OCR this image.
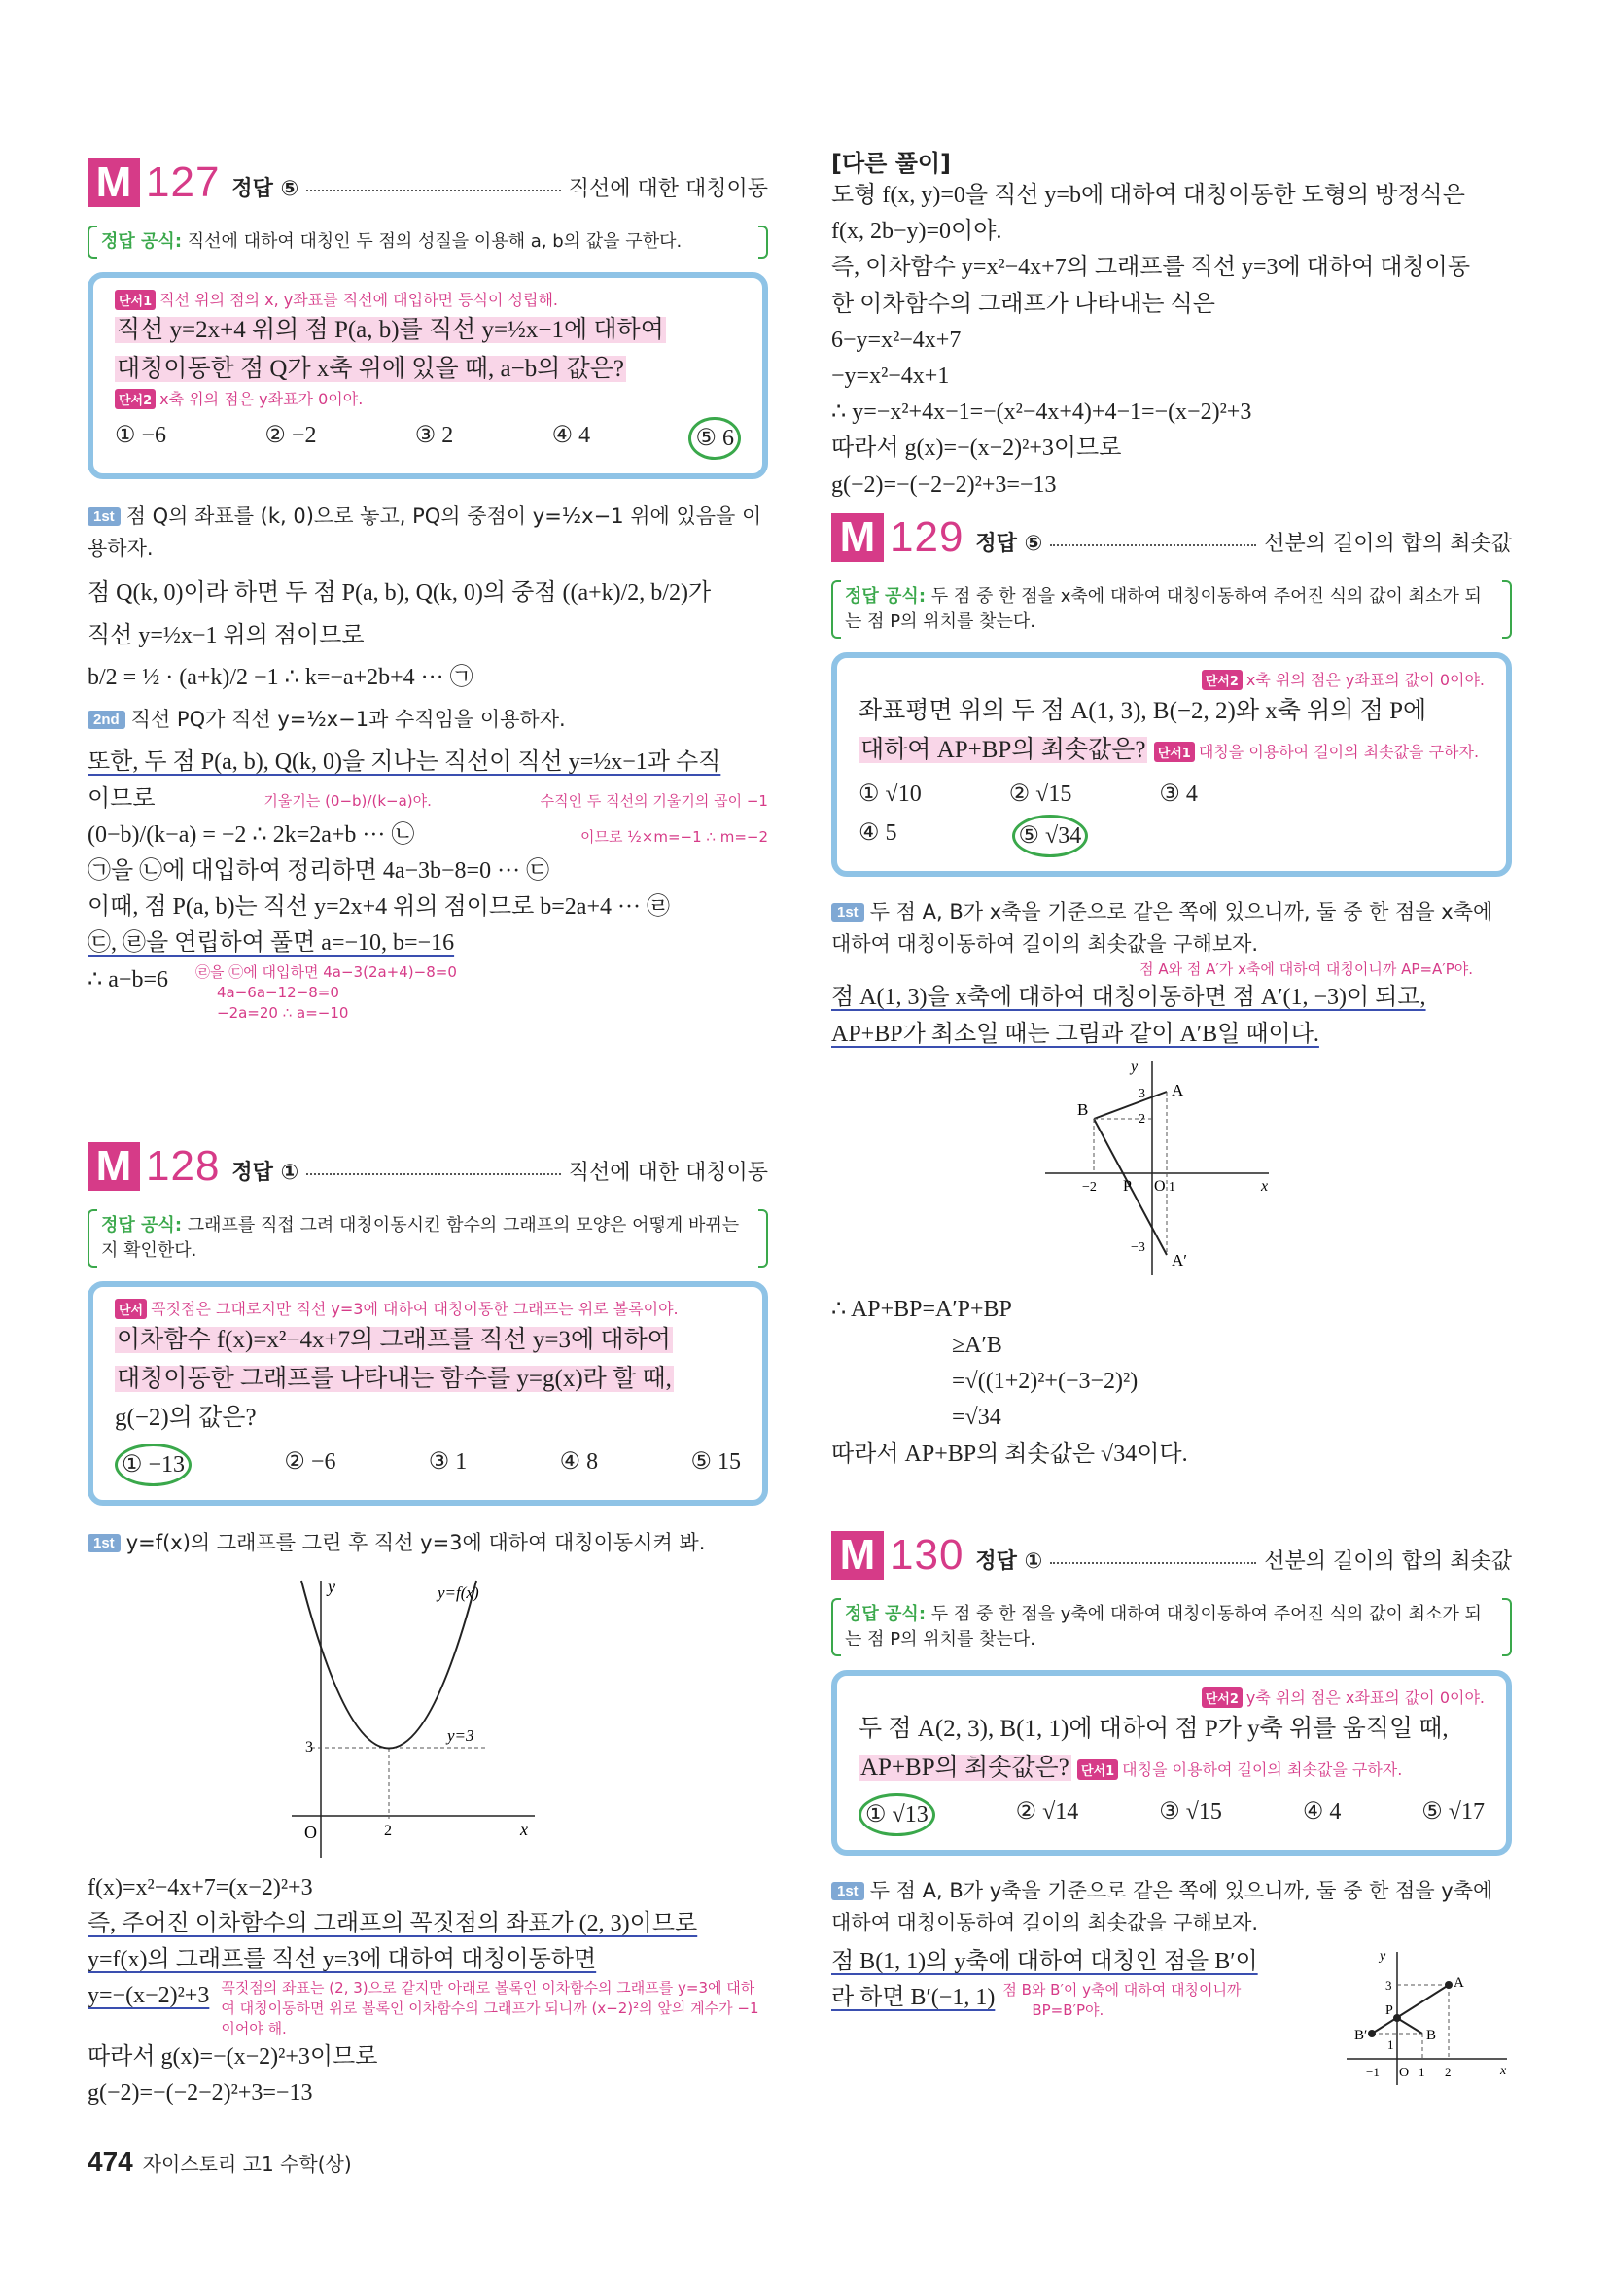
M 127 정답 ⑤	직선에 대한 대칭이동
정답 공식: 직선에 대하여 대칭인 두 점의 성질을 이용해 a, b의 값을 구한다.
단서1 직선 위의 점의 x, y좌표를 직선에 대입하면 등식이 성립해.
직선 y=2x+4 위의 점 P(a, b)를 직선 y=½x−1에 대하여
대칭이동한 점 Q가 x축 위에 있을 때, a−b의 값은?
단서2 x축 위의 점은 y좌표가 0이야.
① −6	② −2	③ 2	④ 4	⑤ 6
1st 점 Q의 좌표를 (k, 0)으로 놓고, PQ의 중점이 y=½x−1 위에 있음을 이용하자.
점 Q(k, 0)이라 하면 두 점 P(a, b), Q(k, 0)의 중점 ((a+k)/2, b/2)가
직선 y=½x−1 위의 점이므로
b/2 = ½ · (a+k)/2 −1 ∴ k=−a+2b+4 ··· ㉠
2nd 직선 PQ가 직선 y=½x−1과 수직임을 이용하자.
또한, 두 점 P(a, b), Q(k, 0)을 지나는 직선이 직선 y=½x−1과 수직
이므로	기울기는 (0−b)/(k−a)야.	수직인 두 직선의 기울기의 곱이 −1
(0−b)/(k−a) = −2 ∴ 2k=2a+b ··· ㉡	이므로 ½×m=−1 ∴ m=−2
㉠을 ㉡에 대입하여 정리하면 4a−3b−8=0 ··· ㉢
이때, 점 P(a, b)는 직선 y=2x+4 위의 점이므로 b=2a+4 ··· ㉣
㉢, ㉣을 연립하여 풀면 a=−10, b=−16
∴ a−b=6 ㉣을 ㉢에 대입하면 4a−3(2a+4)−8=0
4a−6a−12−8=0
−2a=20 ∴ a=−10
M 128 정답 ①	직선에 대한 대칭이동
정답 공식: 그래프를 직접 그려 대칭이동시킨 함수의 그래프의 모양은 어떻게 바뀌는지 확인한다.
단서 꼭짓점은 그대로지만 직선 y=3에 대하여 대칭이동한 그래프는 위로 볼록이야.
이차함수 f(x)=x²−4x+7의 그래프를 직선 y=3에 대하여
대칭이동한 그래프를 나타내는 함수를 y=g(x)라 할 때,
g(−2)의 값은?
① −13	② −6	③ 1	④ 8	⑤ 15
1st y=f(x)의 그래프를 그린 후 직선 y=3에 대하여 대칭이동시켜 봐.
y
x
O
y=f(x)
y=3
3
2
f(x)=x²−4x+7=(x−2)²+3
즉, 주어진 이차함수의 그래프의 꼭짓점의 좌표가 (2, 3)이므로
y=f(x)의 그래프를 직선 y=3에 대하여 대칭이동하면
y=−(x−2)²+3 꼭짓점의 좌표는 (2, 3)으로 같지만 아래로 볼록인 이차함수의 그래프를 y=3에 대하여 대칭이동하면 위로 볼록인 이차함수의 그래프가 되니까 (x−2)²의 앞의 계수가 −1이어야 해.
따라서 g(x)=−(x−2)²+3이므로
g(−2)=−(−2−2)²+3=−13
[다른 풀이]
도형 f(x, y)=0을 직선 y=b에 대하여 대칭이동한 도형의 방정식은
f(x, 2b−y)=0이야.
즉, 이차함수 y=x²−4x+7의 그래프를 직선 y=3에 대하여 대칭이동
한 이차함수의 그래프가 나타내는 식은
6−y=x²−4x+7
−y=x²−4x+1
∴ y=−x²+4x−1=−(x²−4x+4)+4−1=−(x−2)²+3
따라서 g(x)=−(x−2)²+3이므로
g(−2)=−(−2−2)²+3=−13
M 129 정답 ⑤	선분의 길이의 합의 최솟값
정답 공식: 두 점 중 한 점을 x축에 대하여 대칭이동하여 주어진 식의 값이 최소가 되는 점 P의 위치를 찾는다.
단서2 x축 위의 점은 y좌표의 값이 0이야.
좌표평면 위의 두 점 A(1, 3), B(−2, 2)와 x축 위의 점 P에
대하여 AP+BP의 최솟값은? 단서1 대칭을 이용하여 길이의 최솟값을 구하자.
① √10	② √15	③ 4
④ 5	⑤ √34
1st 두 점 A, B가 x축을 기준으로 같은 쪽에 있으니까, 둘 중 한 점을 x축에 대하여 대칭이동하여 길이의 최솟값을 구해보자.
점 A와 점 A′가 x축에 대하여 대칭이니까 AP=A′P야.
점 A(1, 3)을 x축에 대하여 대칭이동하면 점 A′(1, −3)이 되고,
AP+BP가 최소일 때는 그림과 같이 A′B일 때이다.
y
x
A
B
A′
P O
3
2
−3
−2	1
∴ AP+BP=A′P+BP
≥A′B
=√((1+2)²+(−3−2)²)
=√34
따라서 AP+BP의 최솟값은 √34이다.
M 130 정답 ①	선분의 길이의 합의 최솟값
정답 공식: 두 점 중 한 점을 y축에 대하여 대칭이동하여 주어진 식의 값이 최소가 되는 점 P의 위치를 찾는다.
단서2 y축 위의 점은 x좌표의 값이 0이야.
두 점 A(2, 3), B(1, 1)에 대하여 점 P가 y축 위를 움직일 때,
AP+BP의 최솟값은? 단서1 대칭을 이용하여 길이의 최솟값을 구하자.
① √13	② √14	③ √15	④ 4	⑤ √17
1st 두 점 A, B가 y축을 기준으로 같은 쪽에 있으니까, 둘 중 한 점을 y축에 대하여 대칭이동하여 길이의 최솟값을 구해보자.
점 B(1, 1)의 y축에 대하여 대칭인 점을 B′이
라 하면 B′(−1, 1) 점 B와 B′이 y축에 대하여 대칭이니까
BP=B′P야.
y
x
A
B
B′
P
O
3
1
−1	1 2
474 자이스토리 고1 수학(상)
